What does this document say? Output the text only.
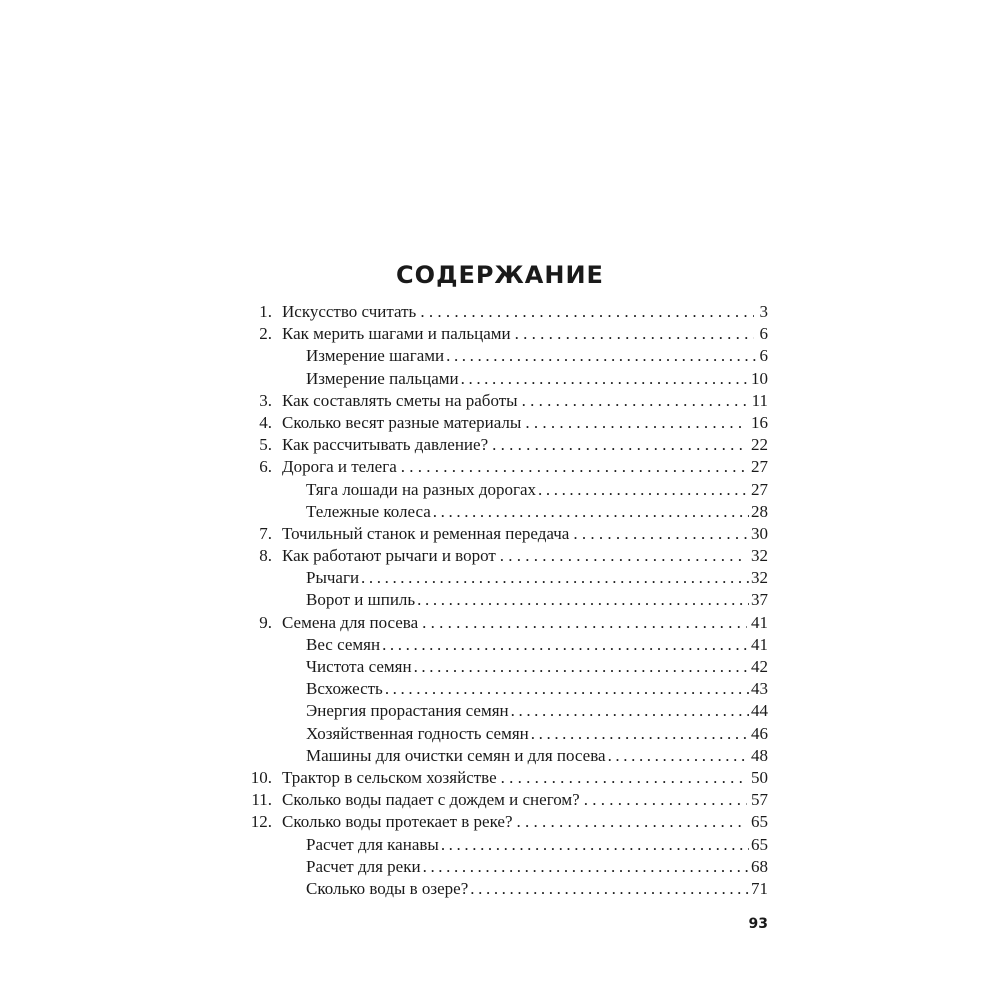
СОДЕРЖАНИЕ
1. Искусство считать . . .	3
2. Как мерить шагами и пальцами . . .	6
Измерение шагами .....	6
Измерение пальцами .....	10
3. Как составлять сметы на работы . . .	11
4. Сколько весят разные материалы . . .	16
5. Как рассчитывать давление? . . .	22
6. Дорога и телега . . .	27
Тяга лошади на разных дорогах .....	27
Тележные колеса .....	28
7. Точильный станок и ременная передача . . .	30
8. Как работают рычаги и ворот . . .	32
Рычаги .....	32
Ворот и шпиль .....	37
9. Семена для посева . . .	41
Вес семян .....	41
Чистота семян .....	42
Всхожесть .....	43
Энергия прорастания семян .....	44
Хозяйственная годность семян .....	46
Машины для очистки семян и для посева .....	48
10. Трактор в сельском хозяйстве . . .	50
11. Сколько воды падает с дождем и снегом? . . .	57
12. Сколько воды протекает в реке? . . .	65
Расчет для канавы .....	65
Расчет для реки .....	68
Сколько воды в озере? .....	71
93
